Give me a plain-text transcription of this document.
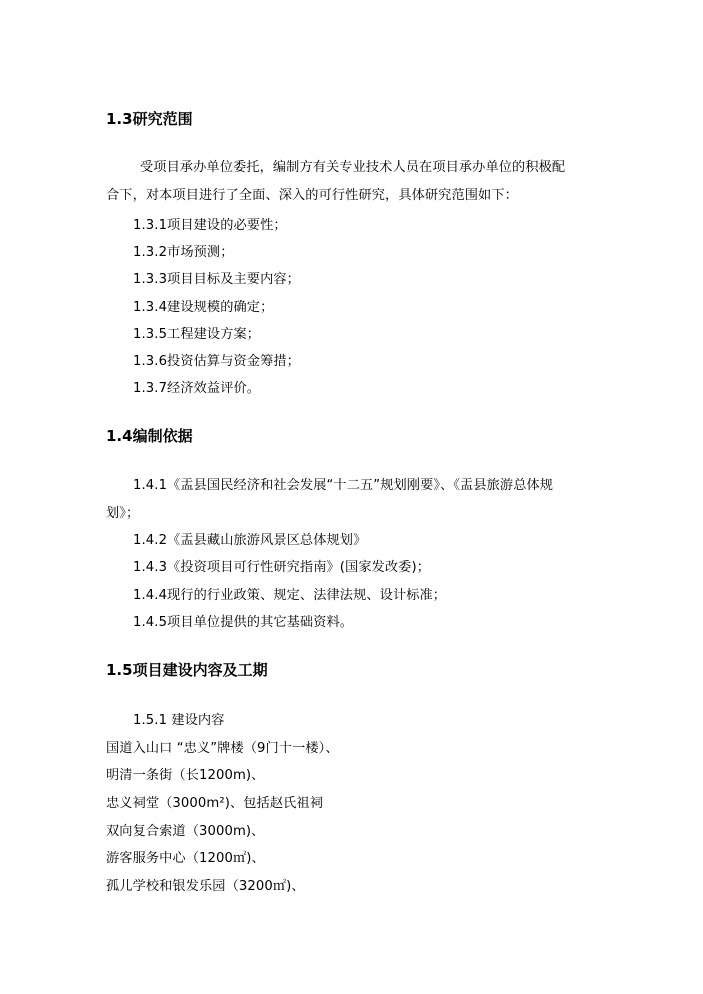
1.3研究范围
受项目承办单位委托，编制方有关专业技术人员在项目承办单位的积极配
合下，对本项目进行了全面、深入的可行性研究，具体研究范围如下：
1.3.1项目建设的必要性；
1.3.2市场预测；
1.3.3项目目标及主要内容；
1.3.4建设规模的确定；
1.3.5工程建设方案；
1.3.6投资估算与资金筹措；
1.3.7经济效益评价。
1.4编制依据
1.4.1《盂县国民经济和社会发展“十二五”规划刚要》、《盂县旅游总体规
划》；
1.4.2《盂县藏山旅游风景区总体规划》
1.4.3《投资项目可行性研究指南》(国家发改委)；
1.4.4现行的行业政策、规定、法律法规、设计标准；
1.4.5项目单位提供的其它基础资料。
1.5项目建设内容及工期
1.5.1 建设内容
国道入山口 “忠义”牌楼（9门十一楼）、
明清一条街（长1200m)、
忠义祠堂（3000m²)、包括赵氏祖祠
双向复合索道（3000m)、
游客服务中心（1200㎡)、
孤儿学校和银发乐园（3200㎡)、
